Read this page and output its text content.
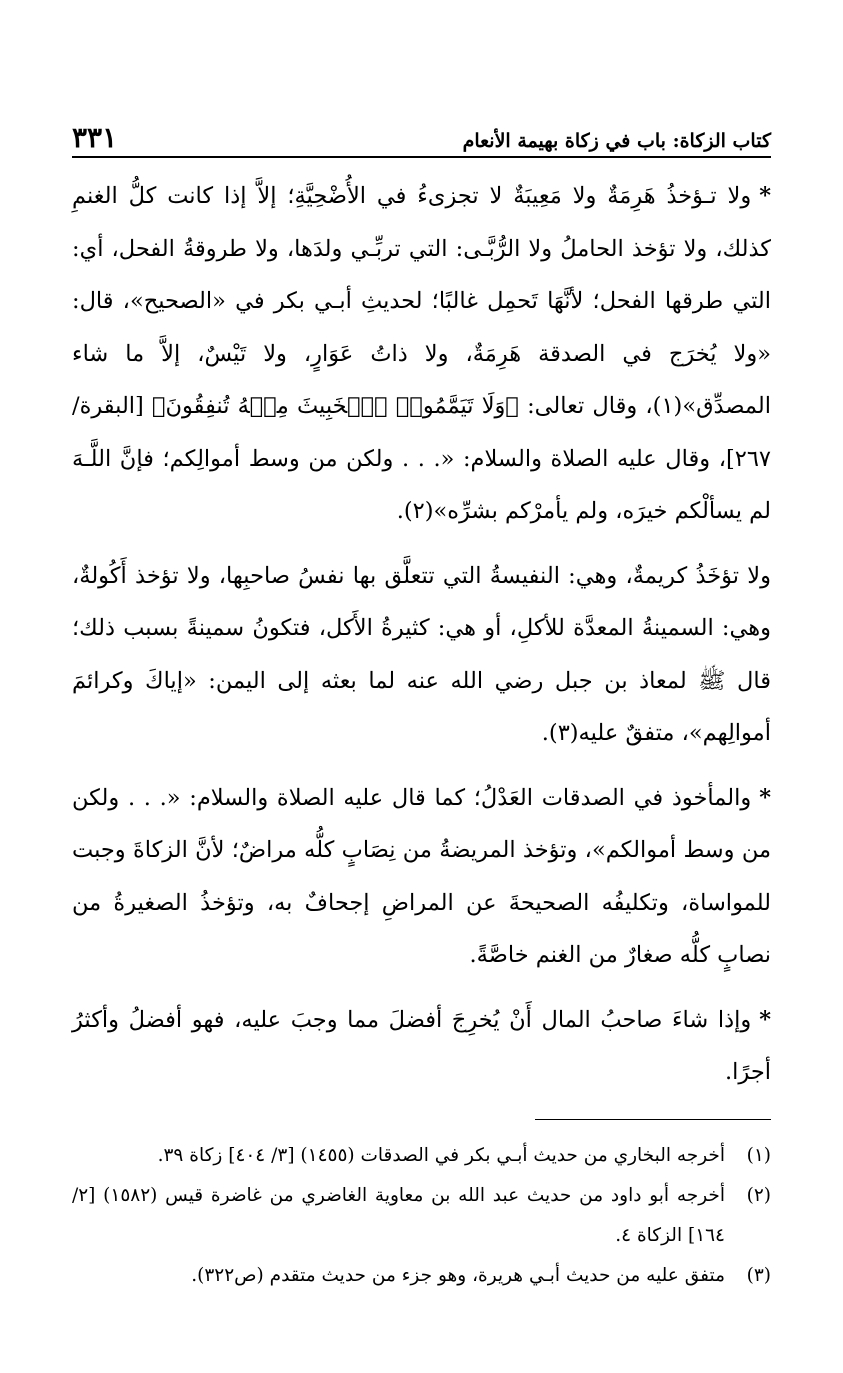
كتاب الزكاة: باب في زكاة بهيمة الأنعام
٣٣١

*ولا تـؤخذُ هَرِمَةٌ ولا مَعِيبَةٌ لا تجزىءُ في الأُضْحِيَّةِ؛ إلاَّ إذا كانت كلُّ الغنمِ كذلك، ولا تؤخذ الحاملُ ولا الرُّبَّـى: التي تربِّـي ولدَها، ولا طروقةُ الفحل، أي: التي طرقها الفحل؛ لأنَّهَا تَحمِل غالبًا؛ لحديثِ أبـي بكر في «الصحيح»، قال: «ولا يُخرَج في الصدقة هَرِمَةٌ، ولا ذاتُ عَوَارٍ، ولا تَيْسٌ، إلاَّ ما شاء المصدِّق»(١)، وقال تعالى: ﴿وَلَا تَيَمَّمُوا۟ ٱلۡخَبِيثَ مِنۡهُ تُنفِقُونَ﴾ [البقرة/ ٢٦٧]، وقال عليه الصلاة والسلام: «. . . ولكن من وسط أموالِكم؛ فإنَّ اللَّـهَ لم يسألْكم خيرَه، ولم يأمرْكم بشرِّه»(٢).

ولا تؤخَذُ كريمةٌ، وهي: النفيسةُ التي تتعلَّق بها نفسُ صاحبِها، ولا تؤخذ أَكُولةٌ، وهي: السمينةُ المعدَّة للأكلِ، أو هي: كثيرةُ الأَكل، فتكونُ سمينةً بسبب ذلك؛ قال ﷺ لمعاذ بن جبل رضي الله عنه لما بعثه إلى اليمن: «إياكَ وكرائمَ أموالِهم»، متفقٌ عليه(٣).

*والمأخوذ في الصدقات العَدْلُ؛ كما قال عليه الصلاة والسلام: «. . . ولكن من وسط أموالكم»، وتؤخذ المريضةُ من نِصَابٍ كلُّه مراضٌ؛ لأنَّ الزكاةَ وجبت للمواساة، وتكليفُه الصحيحةَ عن المراضِ إجحافٌ به، وتؤخذُ الصغيرةُ من نصابٍ كلُّه صغارٌ من الغنم خاصَّةً.

*وإذا شاءَ صاحبُ المال أَنْ يُخرِجَ أفضلَ مما وجبَ عليه، فهو أفضلُ وأكثرُ أجرًا.

(١)
أخرجه البخاري من حديث أبـي بكر في الصدقات (١٤٥٥) [٣/ ٤٠٤] زكاة ٣٩.
(٢)
أخرجه أبو داود من حديث عبد الله بن معاوية الغاضري من غاضرة قيس (١٥٨٢) [٢/ ١٦٤] الزكاة ٤.
(٣)
متفق عليه من حديث أبـي هريرة، وهو جزء من حديث متقدم (ص٣٢٢).
